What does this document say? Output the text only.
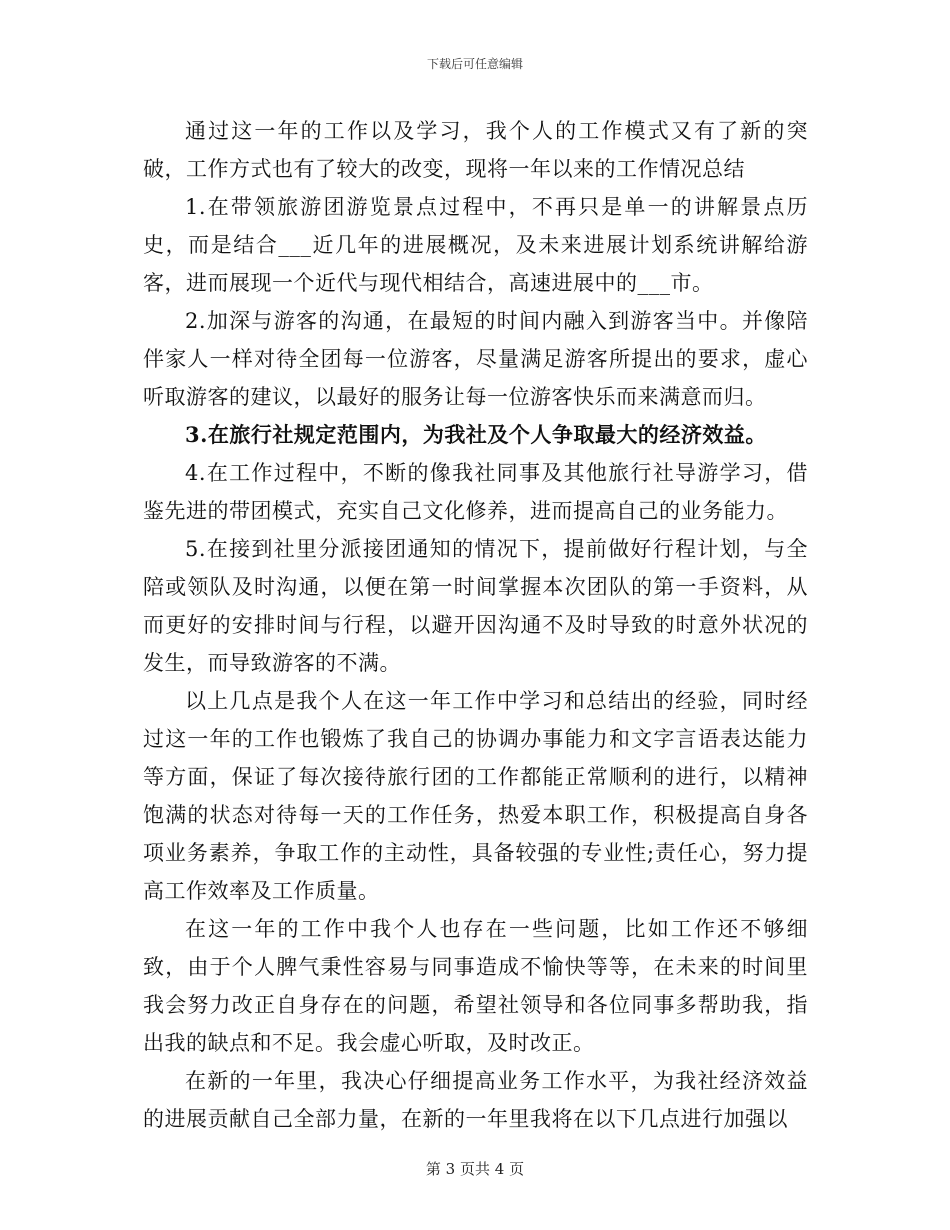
下载后可任意编辑

通过这一年的工作以及学习，我个人的工作模式又有了新的突破，工作方式也有了较大的改变，现将一年以来的工作情况总结

1.在带领旅游团游览景点过程中，不再只是单一的讲解景点历史，而是结合___近几年的进展概况，及未来进展计划系统讲解给游客，进而展现一个近代与现代相结合，高速进展中的___市。

2.加深与游客的沟通，在最短的时间内融入到游客当中。并像陪伴家人一样对待全团每一位游客，尽量满足游客所提出的要求，虚心听取游客的建议，以最好的服务让每一位游客快乐而来满意而归。

3.在旅行社规定范围内，为我社及个人争取最大的经济效益。

4.在工作过程中，不断的像我社同事及其他旅行社导游学习，借鉴先进的带团模式，充实自己文化修养，进而提高自己的业务能力。

5.在接到社里分派接团通知的情况下，提前做好行程计划，与全陪或领队及时沟通，以便在第一时间掌握本次团队的第一手资料，从而更好的安排时间与行程，以避开因沟通不及时导致的时意外状况的发生，而导致游客的不满。

以上几点是我个人在这一年工作中学习和总结出的经验，同时经过这一年的工作也锻炼了我自己的协调办事能力和文字言语表达能力等方面，保证了每次接待旅行团的工作都能正常顺利的进行，以精神饱满的状态对待每一天的工作任务，热爱本职工作，积极提高自身各项业务素养，争取工作的主动性，具备较强的专业性;责任心，努力提高工作效率及工作质量。

在这一年的工作中我个人也存在一些问题，比如工作还不够细致，由于个人脾气秉性容易与同事造成不愉快等等，在未来的时间里我会努力改正自身存在的问题，希望社领导和各位同事多帮助我，指出我的缺点和不足。我会虚心听取，及时改正。

在新的一年里，我决心仔细提高业务工作水平，为我社经济效益的进展贡献自己全部力量，在新的一年里我将在以下几点进行加强以

第 3 页共 4 页
